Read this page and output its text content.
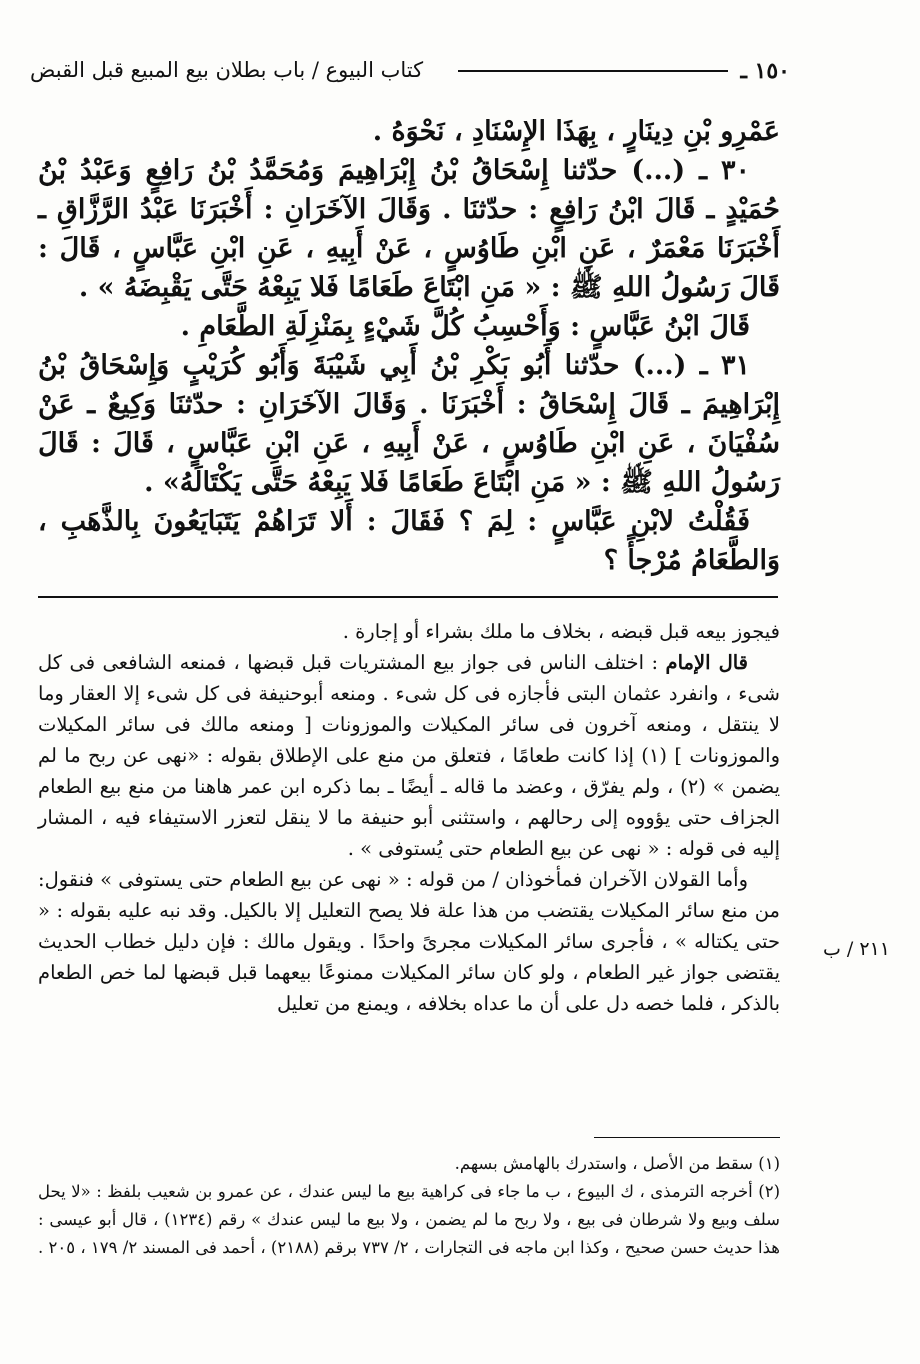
١٥٠ ـ
كتاب البيوع / باب بطلان بيع المبيع قبل القبض

عَمْرِو بْنِ دِينَارٍ ، بِهَذَا الإِسْنَادِ ، نَحْوَهُ .

٣٠ ـ (...) حدّثنا إِسْحَاقُ بْنُ إِبْرَاهِيمَ وَمُحَمَّدُ بْنُ رَافِعٍ وَعَبْدُ بْنُ حُمَيْدٍ ـ قَالَ ابْنُ رَافِعٍ : حدّثنَا . وَقَالَ الآخَرَانِ : أَخْبَرَنَا عَبْدُ الرَّزَّاقِ ـ أَخْبَرَنَا مَعْمَرٌ ، عَنِ ابْنِ طَاوُسٍ ، عَنْ أَبِيهِ ، عَنِ ابْنِ عَبَّاسٍ ، قَالَ : قَالَ رَسُولُ اللهِ ﷺ : « مَنِ ابْتَاعَ طَعَامًا فَلا يَبِعْهُ حَتَّى يَقْبِضَهُ » .

قَالَ ابْنُ عَبَّاسٍ : وَأَحْسِبُ كُلَّ شَيْءٍ بِمَنْزِلَةِ الطَّعَامِ .

٣١ ـ (...) حدّثنا أَبُو بَكْرِ بْنُ أَبِي شَيْبَةَ وَأَبُو كُرَيْبٍ وَإِسْحَاقُ بْنُ إِبْرَاهِيمَ ـ قَالَ إِسْحَاقُ : أَخْبَرَنَا . وَقَالَ الآخَرَانِ : حدّثنَا وَكِيعٌ ـ عَنْ سُفْيَانَ ، عَنِ ابْنِ طَاوُسٍ ، عَنْ أَبِيهِ ، عَنِ ابْنِ عَبَّاسٍ ، قَالَ : قَالَ رَسُولُ اللهِ ﷺ : « مَنِ ابْتَاعَ طَعَامًا فَلا يَبِعْهُ حَتَّى يَكْتَالَهُ» .

فَقُلْتُ لابْنِ عَبَّاسٍ : لِمَ ؟ فَقَالَ : أَلا تَرَاهُمْ يَتَبَايَعُونَ بِالذَّهَبِ ، وَالطَّعَامُ مُرْجأً ؟

فيجوز بيعه قبل قبضه ، بخلاف ما ملك بشراء أو إجارة .

قال الإمام : اختلف الناس فى جواز بيع المشتريات قبل قبضها ، فمنعه الشافعى فى كل شىء ، وانفرد عثمان البتى فأجازه فى كل شىء . ومنعه أبوحنيفة فى كل شىء إلا العقار وما لا ينتقل ، ومنعه آخرون فى سائر المكيلات والموزونات [ ومنعه مالك فى سائر المكيلات والموزونات ] (١) إذا كانت طعامًا ، فتعلق من منع على الإطلاق بقوله : «نهى عن ربح ما لم يضمن » (٢) ، ولم يفرّق ، وعضد ما قاله ـ أيضًا ـ بما ذكره ابن عمر هاهنا من منع بيع الطعام الجزاف حتى يؤووه إلى رحالهم ، واستثنى أبو حنيفة ما لا ينقل لتعزر الاستيفاء فيه ، المشار إليه فى قوله : « نهى عن بيع الطعام حتى يُستوفى » .

وأما القولان الآخران فمأخوذان / من قوله : « نهى عن بيع الطعام حتى يستوفى » فنقول: من منع سائر المكيلات يقتضب من هذا علة فلا يصح التعليل إلا بالكيل. وقد نبه عليه بقوله : « حتى يكتاله » ، فأجرى سائر المكيلات مجرىً واحدًا . ويقول مالك : فإن دليل خطاب الحديث يقتضى جواز غير الطعام ، ولو كان سائر المكيلات ممنوعًا بيعهما قبل قبضها لما خص الطعام بالذكر ، فلما خصه دل على أن ما عداه بخلافه ، ويمنع من تعليل

٢١١ / ب

(١) سقط من الأصل ، واستدرك بالهامش بسهم.

(٢) أخرجه الترمذى ، ك البيوع ، ب ما جاء فى كراهية بيع ما ليس عندك ، عن عمرو بن شعيب بلفظ : «لا يحل سلف وبيع ولا شرطان فى بيع ، ولا ربح ما لم يضمن ، ولا بيع ما ليس عندك » رقم (١٢٣٤) ، قال أبو عيسى : هذا حديث حسن صحيح ، وكذا ابن ماجه فى التجارات ، ٢/ ٧٣٧ برقم (٢١٨٨) ، أحمد فى المسند ٢/ ١٧٩ ، ٢٠٥ .
